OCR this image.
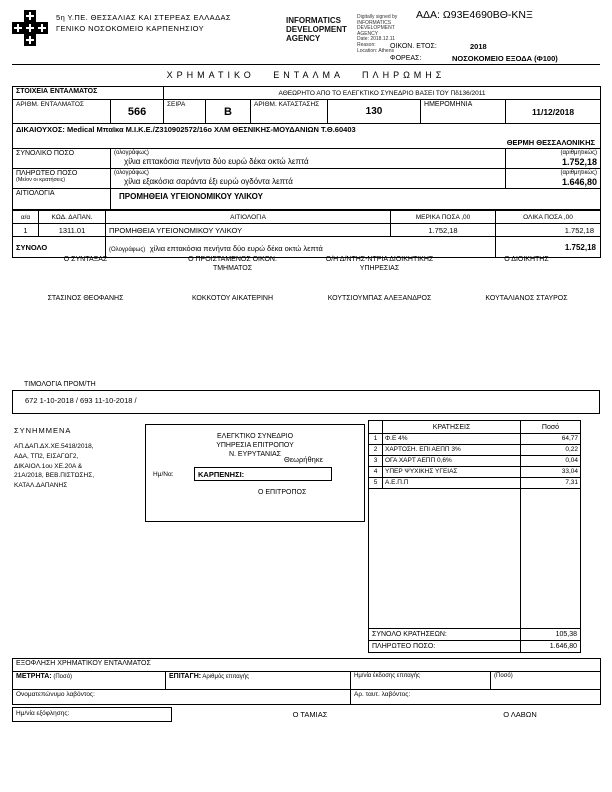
5η Υ.ΠΕ. ΘΕΣΣΑΛΙΑΣ ΚΑΙ ΣΤΕΡΕΑΣ ΕΛΛΑΔΑΣ
ΓΕΝΙΚΟ ΝΟΣΟΚΟΜΕΙΟ ΚΑΡΠΕΝΗΣΙΟΥ
INFORMATICS DEVELOPMENT AGENCY
Digitally signed by
INFORMATICS
DEVELOPMENT AGENCY
Date: 2018.12.11
Reason:
Location: Athens
ΑΔΑ: Ω93Ε4690ΒΘ-ΚΝΞ
ΟΙΚΟΝ. ΕΤΟΣ:	2018
ΦΟΡΕΑΣ:	ΝΟΣΟΚΟΜΕΙΟ ΕΞΟΔΑ (Φ100)
ΧΡΗΜΑΤΙΚΟ ΕΝΤΑΛΜΑ ΠΛΗΡΩΜΗΣ
ΣΤΟΙΧΕΙΑ ΕΝΤΑΛΜΑΤΟΣ		ΑΘΕΩΡΗΤΟ ΑΠΟ ΤΟ ΕΛΕΓΚΤΙΚΟ ΣΥΝΕΔΡΙΟ ΒΑΣΕΙ ΤΟΥ Πδ136/2011					
ΑΡΙΘΜ. ΕΝΤΑΛΜΑΤΟΣ	566	ΣΕΙΡΑ	Β	ΑΡΙΘΜ. ΚΑΤΑΣΤΑΣΗΣ	130	ΗΜΕΡΟΜΗΝΙΑ	11/12/2018

ΔΙΚΑΙΟΥΧΟΣ: Medical Μπαϊκα Μ.Ι.Κ.Ε./Ζ310902572/16ο ΧΛΜ ΘΕΣΝΙΚΗΣ-ΜΟΥΔΑΝΙΩΝ Τ.Θ.60403
ΘΕΡΜΗ ΘΕΣΣΑΛΟΝΙΚΗΣ							

ΣΥΝΟΛΙΚΟ ΠΟΣΟ	(ολογράφως)
χίλια επτακόσια πενήντα δύο ευρώ δέκα οκτώ λεπτά

(αριθμητικώς)
1.752,18

ΠΛΗΡΩΤΕΟ ΠΟΣΟ
(Μείον οι κρατήσεις)

(ολογράφως)
χίλια εξακόσια σαράντα έξι ευρώ ογδόντα λεπτά

(αριθμητικώς)
1.646,80

ΑΙΤΙΟΛΟΓΙΑ	ΠΡΟΜΗΘΕΙΑ ΥΓΕΙΟΝΟΜΙΚΟΥ ΥΛΙΚΟΥ						
α/α	ΚΩΔ. ΔΑΠΑΝ.	ΑΙΤΙΟΛΟΓΙΑ	ΜΕΡΙΚΑ ΠΟΣΑ ,00	ΟΛΙΚΑ ΠΟΣΑ ,00
1	1311.01	ΠΡΟΜΗΘΕΙΑ ΥΓΕΙΟΝΟΜΙΚΟΥ ΥΛΙΚΟΥ	1.752,18	1.752,18
ΣΥΝΟΛΟ		(Ολογράφως) χίλια επτακόσια πενήντα δύο ευρώ δέκα οκτώ λεπτά		1.752,18
Ο ΣΥΝΤΑΞΑΣ
ΣΤΑΣΙΝΟΣ ΘΕΟΦΑΝΗΣ
Ο ΠΡΟΙΣΤΑΜΕΝΟΣ ΟΙΚΟΝ. ΤΜΗΜΑΤΟΣ
ΚΟΚΚΟΤΟΥ ΑΙΚΑΤΕΡΙΝΗ
Ο/Η Δ/ΝΤΗΣ-ΝΤΡΙΑ ΔΙΟΙΚΗΤΙΚΗΣ ΥΠΗΡΕΣΙΑΣ
ΚΟΥΤΣΙΟΥΜΠΑΣ ΑΛΕΞΑΝΔΡΟΣ
Ο ΔΙΟΙΚΗΤΗΣ
ΚΟΥΤΑΛΙΑΝΟΣ ΣΤΑΥΡΟΣ
ΤΙΜΟΛΟΓΙΑ ΠΡΟΜ/ΤΗ
672 1-10-2018 / 693 11-10-2018 /
ΣΥΝΗΜΜΕΝΑ
ΑΠ.ΔΑΠ.ΔΧ.ΧΕ.5418/2018,
ΑΔΑ, ΤΠ2, ΕΙΣΑΓΩΓ2,
ΔΙΚΑΙΟΛ.1ου ΧΕ.20Α &
21Α/2018, ΒΕΒ.ΠΙΣΤΩΣΗΣ,
ΚΑΤΑΛ.ΔΑΠΑΝΗΣ
ΕΛΕΓΚΤΙΚΟ ΣΥΝΕΔΡΙΟ
ΥΠΗΡΕΣΙΑ ΕΠΙΤΡΟΠΟΥ
Ν. ΕΥΡΥΤΑΝΙΑΣ
Θεωρήθηκε
Ημ/Να:	ΚΑΡΠΕΝΗΣΙ:
Ο ΕΠΙΤΡΟΠΟΣ
	ΚΡΑΤΗΣΕΙΣ	Ποσό
1	Φ.Ε 4%	64,77
2	ΧΑΡΤΟΣΗ. ΕΠΙ ΑΕΠΠ 3%	0,22
3	ΟΓΑ ΧΑΡΤ ΑΕΠΠ 0,6%	0,04
4	ΥΠΕΡ ΨΥΧΙΚΗΣ ΥΓΕΙΑΣ	33,04
5	Α.Ε.Π.Π	7,31

ΣΥΝΟΛΟ ΚΡΑΤΗΣΕΩΝ:		105,38
ΠΛΗΡΩΤΕΟ ΠΟΣΟ:		1.646,80
ΕΞΟΦΛΗΣΗ ΧΡΗΜΑΤΙΚΟΥ ΕΝΤΑΛΜΑΤΟΣ			
ΜΕΤΡΗΤΑ: (Ποσό)	ΕΠΙΤΑΓΗ: Αριθμός επιταγής	Ημ/νία έκδοσης επιταγής	(Ποσό)
Ονοματεπώνυμο λαβόντος:		Αρ. ταυτ. λαβόντος:	
Ημ/νία εξόφλησης:	Ο ΤΑΜΙΑΣ	Ο ΛΑΒΩΝ
